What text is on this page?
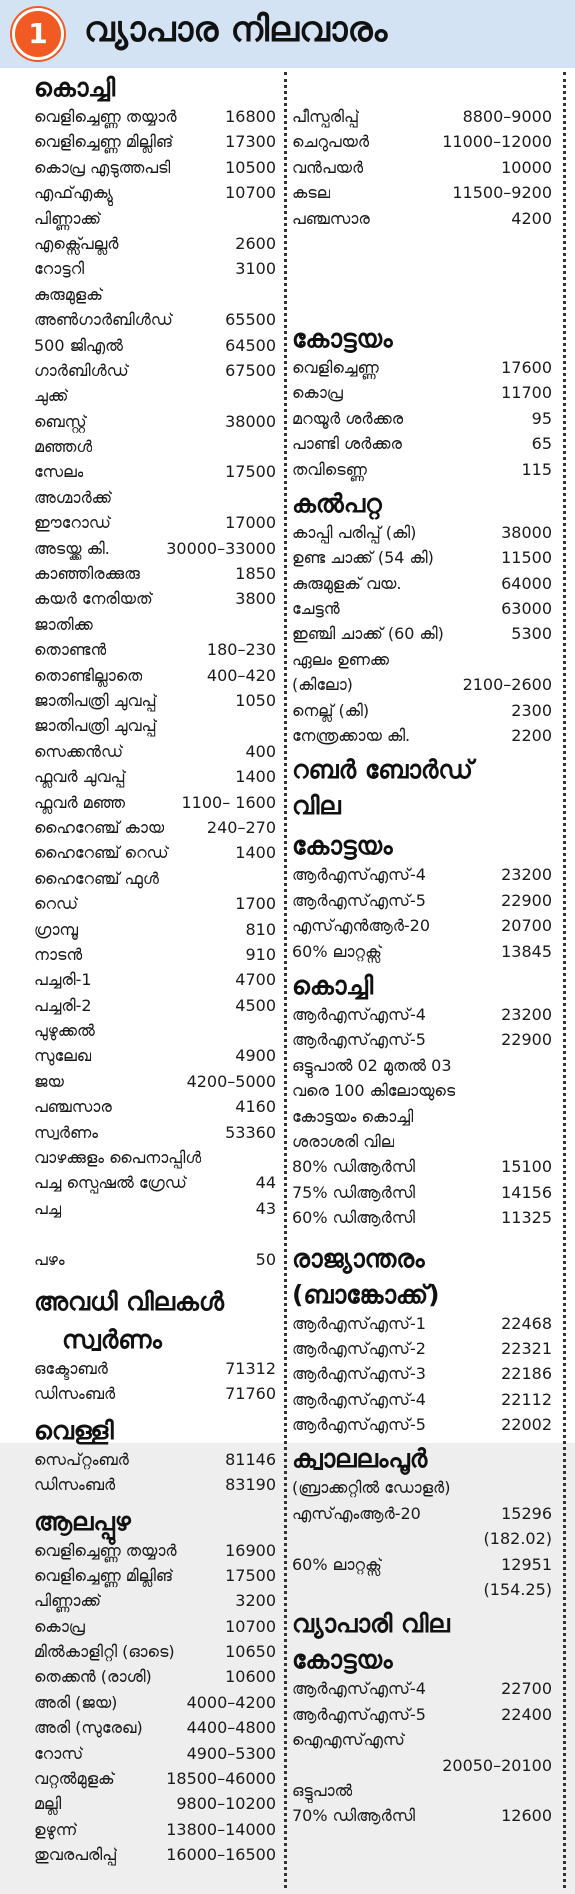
1	വ്യാപാര നിലവാരം
കൊച്ചി
വെളിച്ചെണ്ണ തയ്യാർ	16800
വെളിച്ചെണ്ണ മില്ലിങ്	17300
കൊപ്ര എടുത്തപടി	10500
എഫ്എക്യു	10700
പിണ്ണാക്ക്
എക്സ്പെല്ലർ	2600
റോട്ടറി	3100
കുരുമുളക്
അൺഗാർബിൾഡ്	65500
500 ജിഎൽ	64500
ഗാർബിൾഡ്	67500
ചുക്ക്
ബെസ്റ്റ്	38000
മഞ്ഞൾ
സേലം	17500
അഗ്മാർക്ക്
ഈറോഡ്	17000
അടയ്ക്ക കി.	30000–33000
കാഞ്ഞിരക്കുരു	1850
കയർ നേരിയത്	3800
ജാതിക്ക
തൊണ്ടൻ	180–230
തൊണ്ടില്ലാതെ	400–420
ജാതിപത്രി ചുവപ്പ്	1050
ജാതിപത്രി ചുവപ്പ്
സെക്കൻഡ്	400
ഫ്ലവർ ചുവപ്പ്	1400
ഫ്ലവർ മഞ്ഞ	1100– 1600
ഹൈറേഞ്ച് കായ	240–270
ഹൈറേഞ്ച് റെഡ്	1400
ഹൈറേഞ്ച് ഫുൾ
റെഡ്	1700
ഗ്രാമ്പൂ	810
നാടൻ	910
പച്ചരി-1	4700
പച്ചരി-2	4500
പുഴുക്കൽ
സുലേഖ	4900
ജയ	4200–5000
പഞ്ചസാര	4160
സ്വർണം	53360
വാഴക്കുളം പൈനാപ്പിൾ
പച്ച സ്പെഷൽ ഗ്രേഡ്	44
പച്ച	43
പഴം	50
അവധി വിലകൾ
സ്വർണം
ഒക്ടോബർ	71312
ഡിസംബർ	71760
വെള്ളി
സെപ്റ്റംബർ	81146
ഡിസംബർ	83190
ആലപ്പുഴ
വെളിച്ചെണ്ണ തയ്യാർ	16900
വെളിച്ചെണ്ണ മില്ലിങ്	17500
പിണ്ണാക്ക്	3200
കൊപ്ര	10700
മിൽകാളിറ്റി (ഓടെ)	10650
തെക്കൻ (രാശി)	10600
അരി (ജയ)	4000–4200
അരി (സുരേഖ)	4400–4800
റോസ്	4900–5300
വറ്റൽമുളക്	18500–46000
മല്ലി	9800–10200
ഉഴുന്ന്	13800–14000
തുവരപരിപ്പ്	16000–16500
പീസ്പരിപ്പ്	8800–9000
ചെറുപയർ	11000–12000
വൻപയർ	10000
കടല	11500–9200
പഞ്ചസാര	4200
കോട്ടയം
വെളിച്ചെണ്ണ	17600
കൊപ്ര	11700
മറയൂർ ശർക്കര	95
പാണ്ടി ശർക്കര	65
തവിടെണ്ണ	115
കൽപറ്റ
കാപ്പി പരിപ്പ് (കി)	38000
ഉണ്ട ചാക്ക് (54 കി)	11500
കുരുമുളക് വയ.	64000
ചേട്ടൻ	63000
ഇഞ്ചി ചാക്ക് (60 കി)	5300
ഏലം ഉണക്ക
(കിലോ)	2100–2600
നെല്ല് (കി)	2300
നേന്ത്രക്കായ കി.	2200
റബർ ബോർഡ്
വില
കോട്ടയം
ആർഎസ്എസ്-4	23200
ആർഎസ്എസ്-5	22900
എസ്എൻആർ-20	20700
60% ലാറ്റക്സ്	13845
കൊച്ചി
ആർഎസ്എസ്-4	23200
ആർഎസ്എസ്-5	22900
ഒട്ടുപാൽ 02 മുതൽ 03
വരെ 100 കിലോയുടെ
കോട്ടയം കൊച്ചി
ശരാശരി വില
80% ഡിആർസി	15100
75% ഡിആർസി	14156
60% ഡിആർസി	11325
രാജ്യാന്തരം
(ബാങ്കോക്ക്)
ആർഎസ്എസ്-1	22468
ആർഎസ്എസ്-2	22321
ആർഎസ്എസ്-3	22186
ആർഎസ്എസ്-4	22112
ആർഎസ്എസ്-5	22002
ക്വാലലംപൂർ
(ബ്രാക്കറ്റിൽ ഡോളർ)
എസ്എംആർ-20	15296
(182.02)
60% ലാറ്റക്സ്	12951
(154.25)
വ്യാപാരി വില
കോട്ടയം
ആർഎസ്എസ്-4	22700
ആർഎസ്എസ്-5	22400
ഐഎസ്എസ്
20050–20100
ഒട്ടുപാൽ
70% ഡിആർസി	12600
